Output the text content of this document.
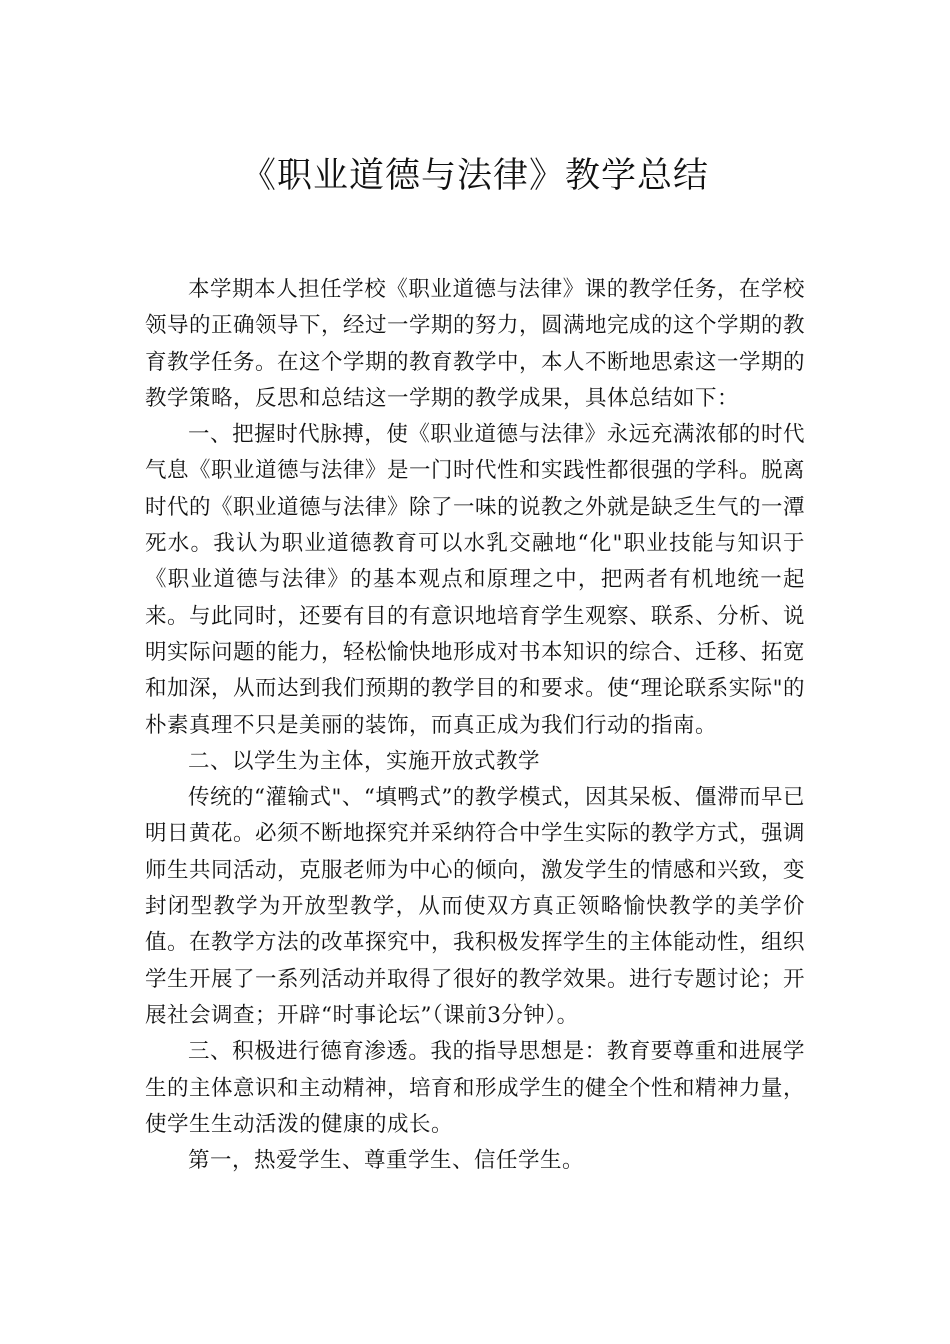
《职业道德与法律》教学总结

本学期本人担任学校《职业道德与法律》课的教学任务，在学校领导的正确领导下，经过一学期的努力，圆满地完成的这个学期的教育教学任务。在这个学期的教育教学中，本人不断地思索这一学期的教学策略，反思和总结这一学期的教学成果，具体总结如下：

一、把握时代脉搏，使《职业道德与法律》永远充满浓郁的时代气息《职业道德与法律》是一门时代性和实践性都很强的学科。脱离时代的《职业道德与法律》除了一味的说教之外就是缺乏生气的一潭死水。我认为职业道德教育可以水乳交融地“化"职业技能与知识于《职业道德与法律》的基本观点和原理之中，把两者有机地统一起来。与此同时，还要有目的有意识地培育学生观察、联系、分析、说明实际问题的能力，轻松愉快地形成对书本知识的综合、迁移、拓宽和加深，从而达到我们预期的教学目的和要求。使“理论联系实际"的朴素真理不只是美丽的装饰，而真正成为我们行动的指南。

二、以学生为主体，实施开放式教学

传统的“灌输式"、“填鸭式”的教学模式，因其呆板、僵滞而早已明日黄花。必须不断地探究并采纳符合中学生实际的教学方式，强调师生共同活动，克服老师为中心的倾向，激发学生的情感和兴致，变封闭型教学为开放型教学，从而使双方真正领略愉快教学的美学价值。在教学方法的改革探究中，我积极发挥学生的主体能动性，组织学生开展了一系列活动并取得了很好的教学效果。进行专题讨论；开展社会调查；开辟“时事论坛”（课前3分钟）。

三、积极进行德育渗透。我的指导思想是：教育要尊重和进展学生的主体意识和主动精神，培育和形成学生的健全个性和精神力量，使学生生动活泼的健康的成长。

第一，热爱学生、尊重学生、信任学生。
